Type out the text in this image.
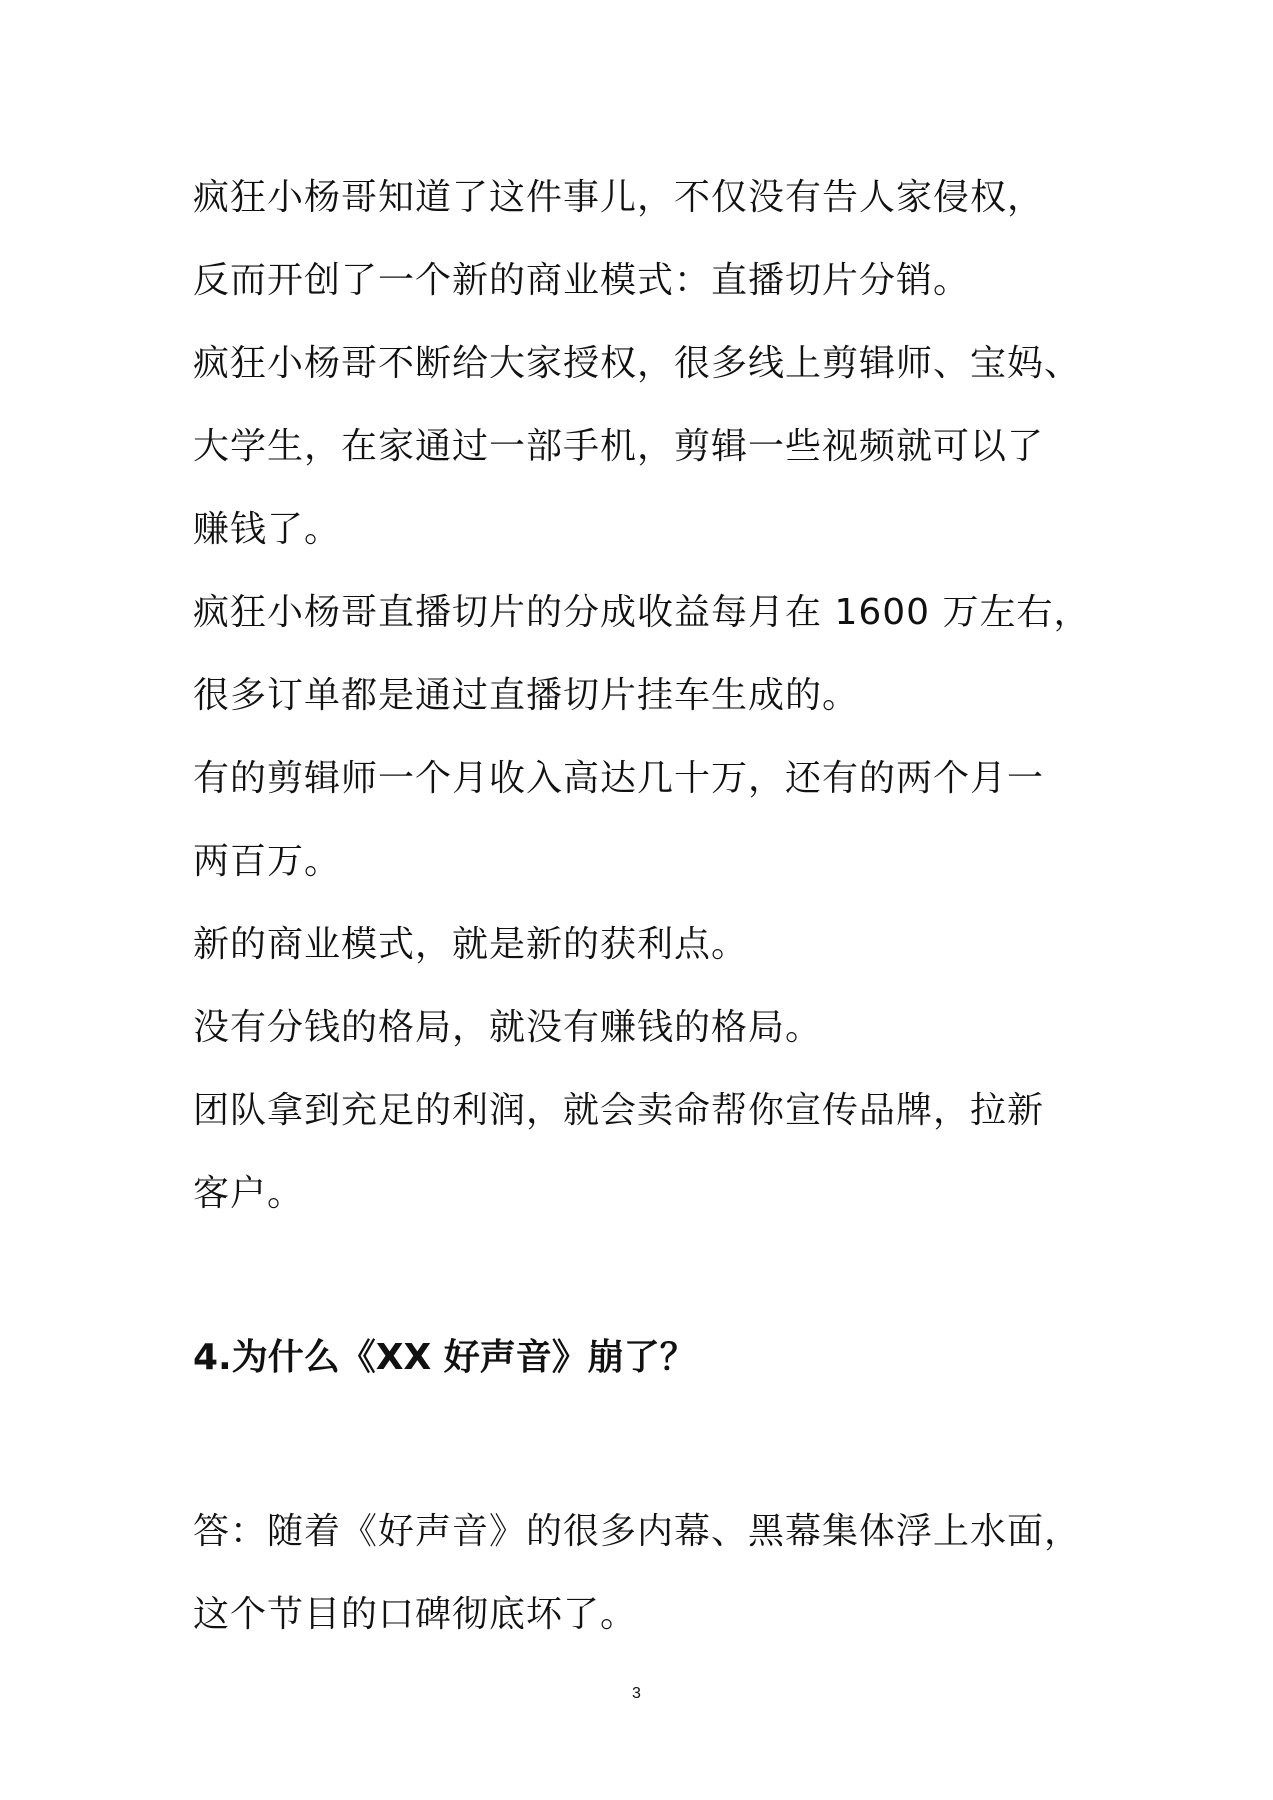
疯狂小杨哥知道了这件事儿，不仅没有告人家侵权，
反而开创了一个新的商业模式：直播切片分销。
疯狂小杨哥不断给大家授权，很多线上剪辑师、宝妈、
大学生，在家通过一部手机，剪辑一些视频就可以了
赚钱了。
疯狂小杨哥直播切片的分成收益每月在 1600 万左右，
很多订单都是通过直播切片挂车生成的。
有的剪辑师一个月收入高达几十万，还有的两个月一
两百万。
新的商业模式，就是新的获利点。
没有分钱的格局，就没有赚钱的格局。
团队拿到充足的利润，就会卖命帮你宣传品牌，拉新
客户。
4.为什么《XX 好声音》崩了？
答：随着《好声音》的很多内幕、黑幕集体浮上水面，
这个节目的口碑彻底坏了。
3
